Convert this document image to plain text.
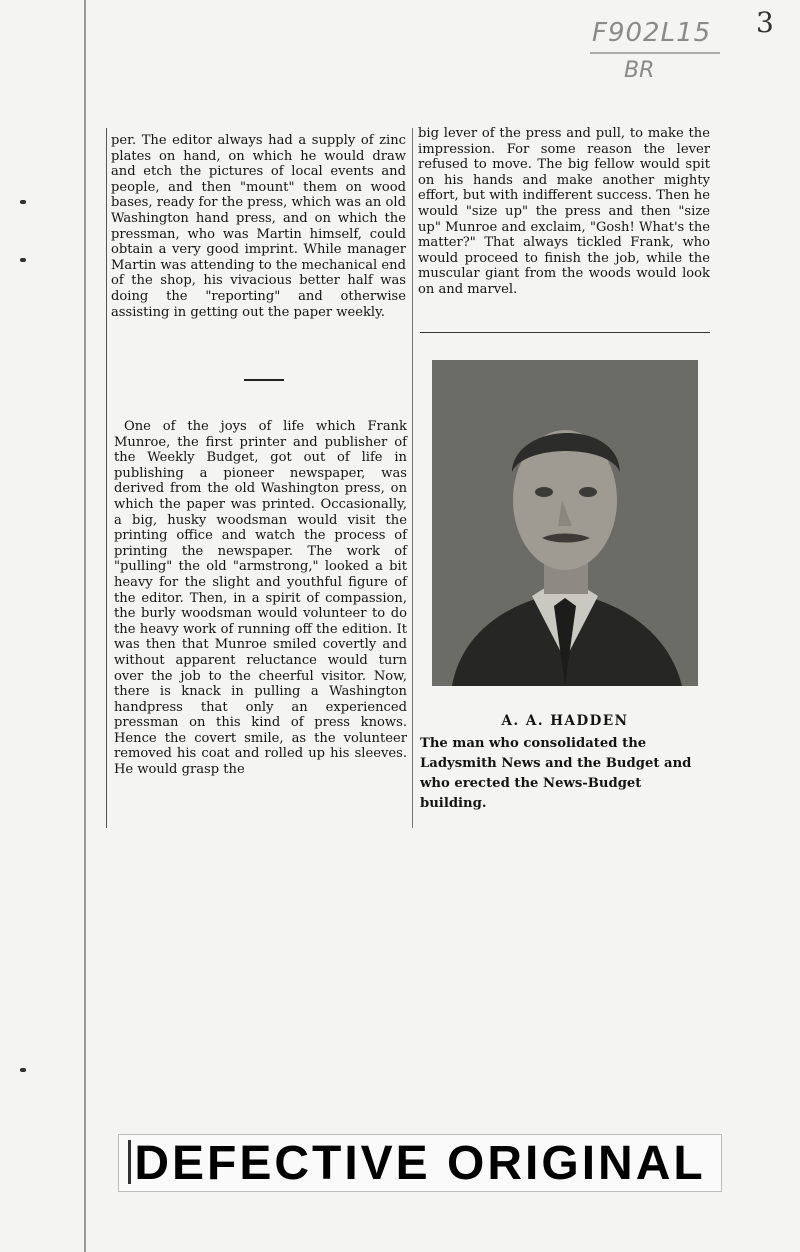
3
F902L15
BR

per. The editor always had a supply of zinc plates on hand, on which he would draw and etch the pictures of local events and people, and then "mount" them on wood bases, ready for the press, which was an old Washington hand press, and on which the pressman, who was Martin himself, could obtain a very good imprint. While manager Martin was attending to the mechanical end of the shop, his vivacious better half was doing the "reporting" and otherwise assisting in getting out the paper weekly.

One of the joys of life which Frank Munroe, the first printer and publisher of the Weekly Budget, got out of life in publishing a pioneer newspaper, was derived from the old Washington press, on which the paper was printed. Occasionally, a big, husky woodsman would visit the printing office and watch the process of printing the newspaper. The work of "pulling" the old "armstrong," looked a bit heavy for the slight and youthful figure of the editor. Then, in a spirit of compassion, the burly woodsman would volunteer to do the heavy work of running off the edition. It was then that Munroe smiled covertly and without apparent reluctance would turn over the job to the cheerful visitor. Now, there is knack in pulling a Washington handpress that only an experienced pressman on this kind of press knows. Hence the covert smile, as the volunteer removed his coat and rolled up his sleeves. He would grasp the

big lever of the press and pull, to make the impression. For some reason the lever refused to move. The big fellow would spit on his hands and make another mighty effort, but with indifferent success. Then he would "size up" the press and then "size up" Munroe and exclaim, "Gosh! What's the matter?" That always tickled Frank, who would proceed to finish the job, while the muscular giant from the woods would look on and marvel.

A. A. HADDEN
The man who consolidated the Ladysmith News and the Budget and who erected the News-Budget building.
DEFECTIVE ORIGINAL
